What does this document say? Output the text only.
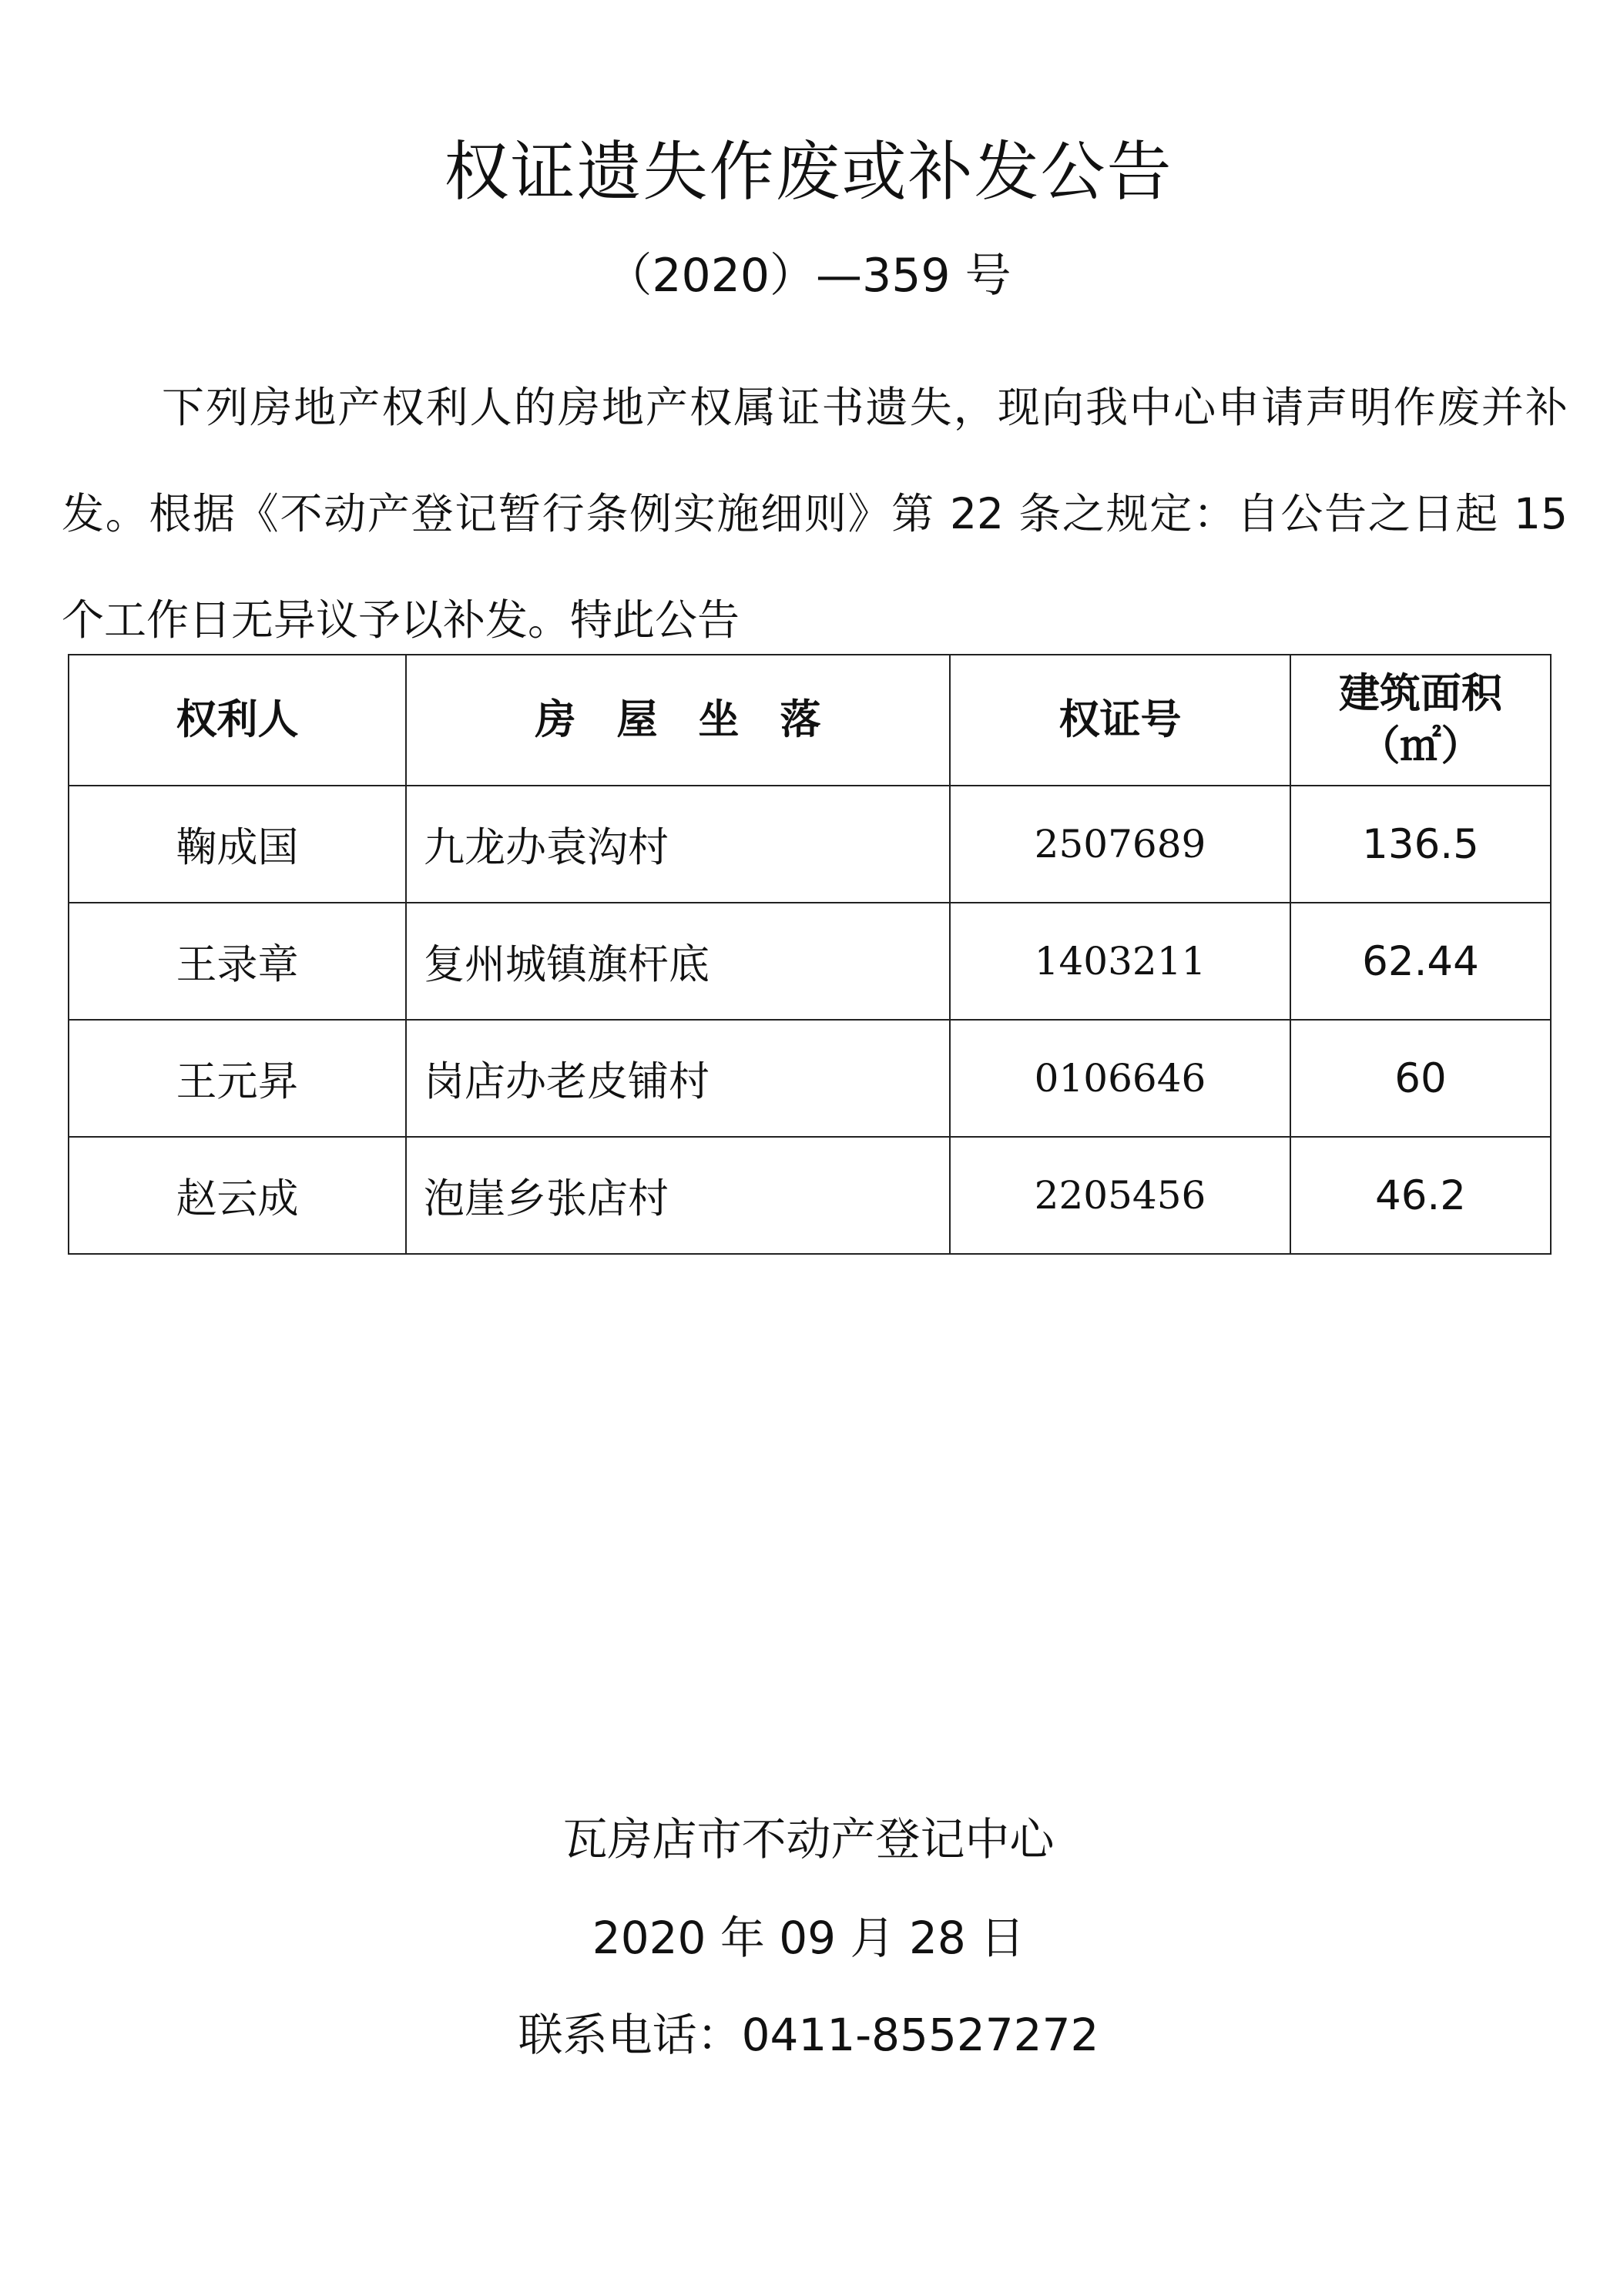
权证遗失作废或补发公告
（2020）—359 号
下列房地产权利人的房地产权属证书遗失，现向我中心申请声明作废并补发。根据《不动产登记暂行条例实施细则》第 22 条之规定：自公告之日起 15 个工作日无异议予以补发。特此公告
权利人	房　屋　坐　落	权证号	建筑面积
（㎡）

鞠成国	九龙办袁沟村	2507689	136.5
王录章	复州城镇旗杆底	1403211	62.44
王元昇	岗店办老皮铺村	0106646	60
赵云成	泡崖乡张店村	2205456	46.2
瓦房店市不动产登记中心
2020 年 09 月 28 日
联系电话：0411-85527272
